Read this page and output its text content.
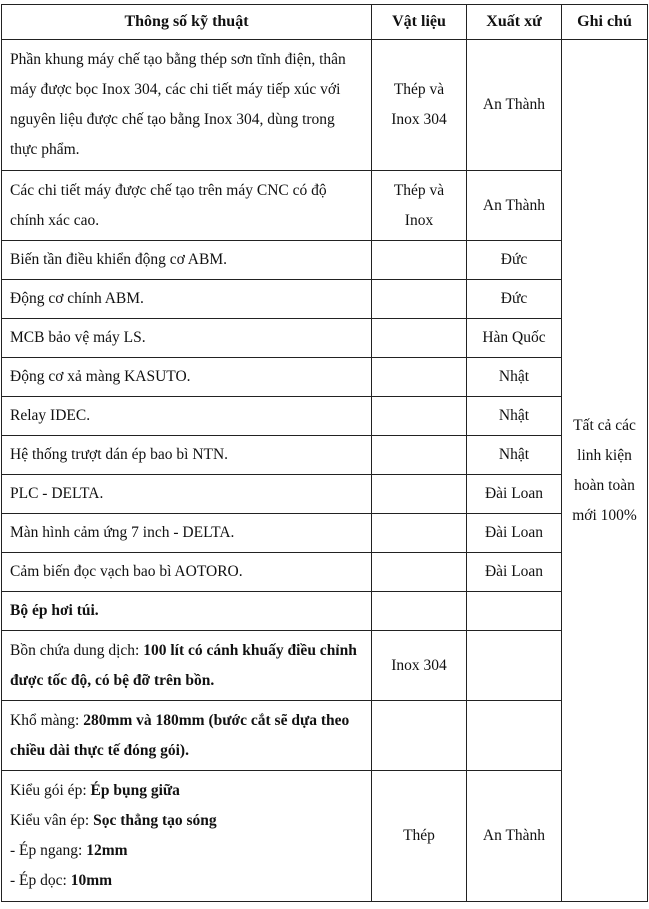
Thông số kỹ thuật	Vật liệu	Xuất xứ	Ghi chú
Phần khung máy chế tạo bằng thép sơn tĩnh điện, thân máy được bọc Inox 304, các chi tiết máy tiếp xúc với nguyên liệu được chế tạo bằng Inox 304, dùng trong thực phẩm.	Thép và Inox 304	An Thành	Tất cả các linh kiện hoàn toàn mới 100%
Các chi tiết máy được chế tạo trên máy CNC có độ chính xác cao.	Thép và Inox	An Thành	
Biến tần điều khiển động cơ ABM.		Đức	
Động cơ chính ABM.		Đức	
MCB bảo vệ máy LS.		Hàn Quốc	
Động cơ xả màng KASUTO.		Nhật	
Relay IDEC.		Nhật	
Hệ thống trượt dán ép bao bì NTN.		Nhật	
PLC - DELTA.		Đài Loan	
Màn hình cảm ứng 7 inch - DELTA.		Đài Loan	
Cảm biến đọc vạch bao bì AOTORO.		Đài Loan	
Bộ ép hơi túi.			
Bồn chứa dung dịch: 100 lít có cánh khuấy điều chỉnh được tốc độ, có bệ đỡ trên bồn.	Inox 304		
Khổ màng: 280mm và 180mm (bước cắt sẽ dựa theo chiều dài thực tế đóng gói).			

Kiểu gói ép: Ép bụng giữa
Kiểu vân ép: Sọc thẳng tạo sóng
- Ép ngang: 12mm
- Ép dọc: 10mm	Thép	An Thành	
